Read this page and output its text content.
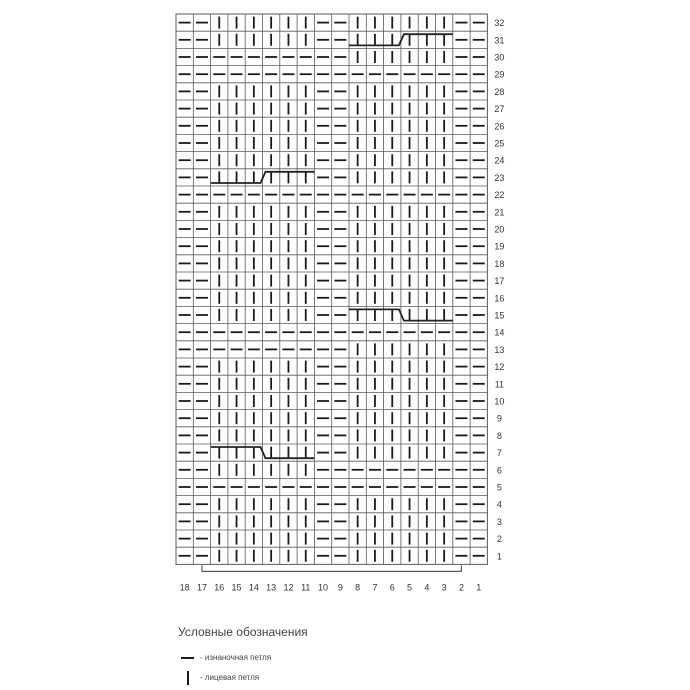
32
31
30
29
28
27
26
25
24
23
22
21
20
19
18
17
16
15
14
13
12
11
10
9
8
7
6
5
4
3
2
1
18 17 16 15 14 13 12 11 10 9 8 7 6 5 4 3 2 1
Условные обозначения
- изнаночная петля
- лицевая петля
